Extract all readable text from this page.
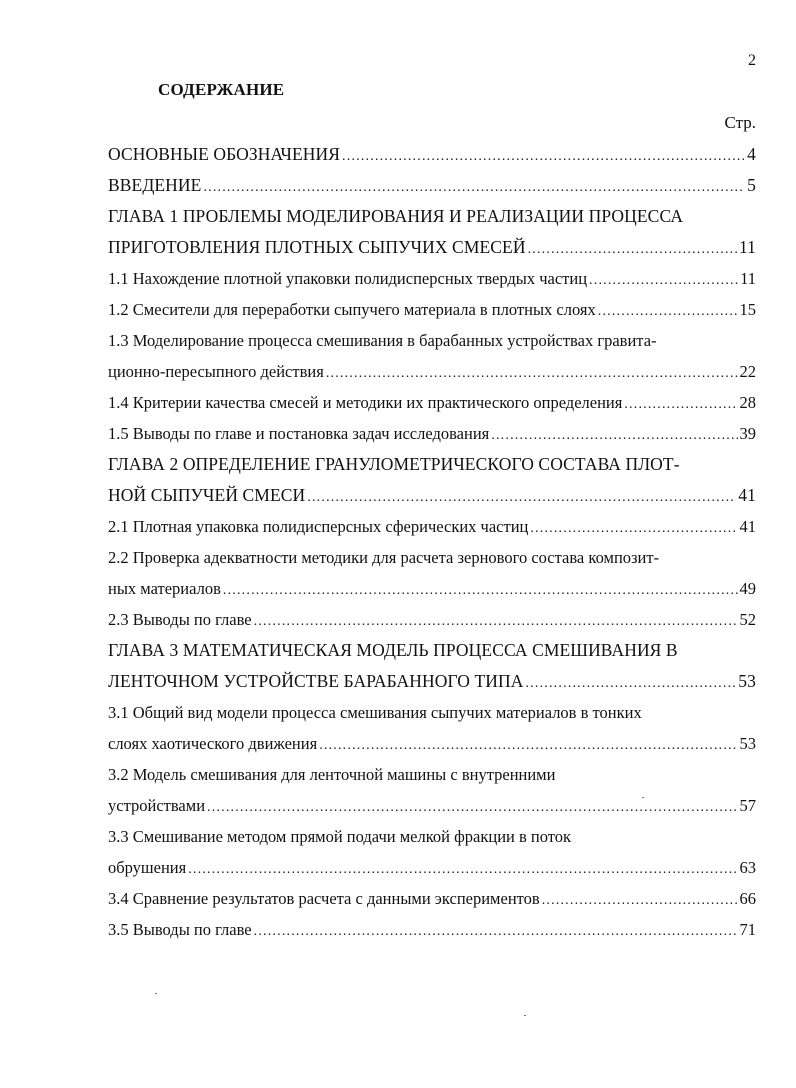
2
СОДЕРЖАНИЕ
Стр.
ОСНОВНЫЕ ОБОЗНАЧЕНИЯ .....	4
ВВЕДЕНИЕ .....	5
ГЛАВА 1 ПРОБЛЕМЫ МОДЕЛИРОВАНИЯ И РЕАЛИЗАЦИИ ПРОЦЕССА
ПРИГОТОВЛЕНИЯ ПЛОТНЫХ СЫПУЧИХ СМЕСЕЙ .....	11
1.1 Нахождение плотной упаковки полидисперсных твердых частиц .....	11
1.2 Смесители для переработки сыпучего материала в плотных слоях .....	15
1.3 Моделирование процесса смешивания в барабанных устройствах гравита-
ционно-пересыпного действия .....	22
1.4 Критерии качества смесей и методики их практического определения .....	28
1.5 Выводы по главе и постановка задач исследования .....	39
ГЛАВА 2 ОПРЕДЕЛЕНИЕ ГРАНУЛОМЕТРИЧЕСКОГО СОСТАВА ПЛОТ-
НОЙ СЫПУЧЕЙ СМЕСИ .....	41
2.1 Плотная упаковка полидисперсных сферических частиц .....	41
2.2 Проверка адекватности методики для расчета зернового состава композит-
ных материалов .....	49
2.3 Выводы по главе .....	52
ГЛАВА 3 МАТЕМАТИЧЕСКАЯ МОДЕЛЬ ПРОЦЕССА СМЕШИВАНИЯ В
ЛЕНТОЧНОМ УСТРОЙСТВЕ БАРАБАННОГО ТИПА .....	53
3.1 Общий вид модели процесса смешивания сыпучих материалов в тонких
слоях хаотического движения .....	53
3.2 Модель смешивания для ленточной машины с внутренними
устройствами .....	57
3.3 Смешивание методом прямой подачи мелкой фракции в поток
обрушения .....	63
3.4 Сравнение результатов расчета с данными экспериментов .....	66
3.5 Выводы по главе .....	71
